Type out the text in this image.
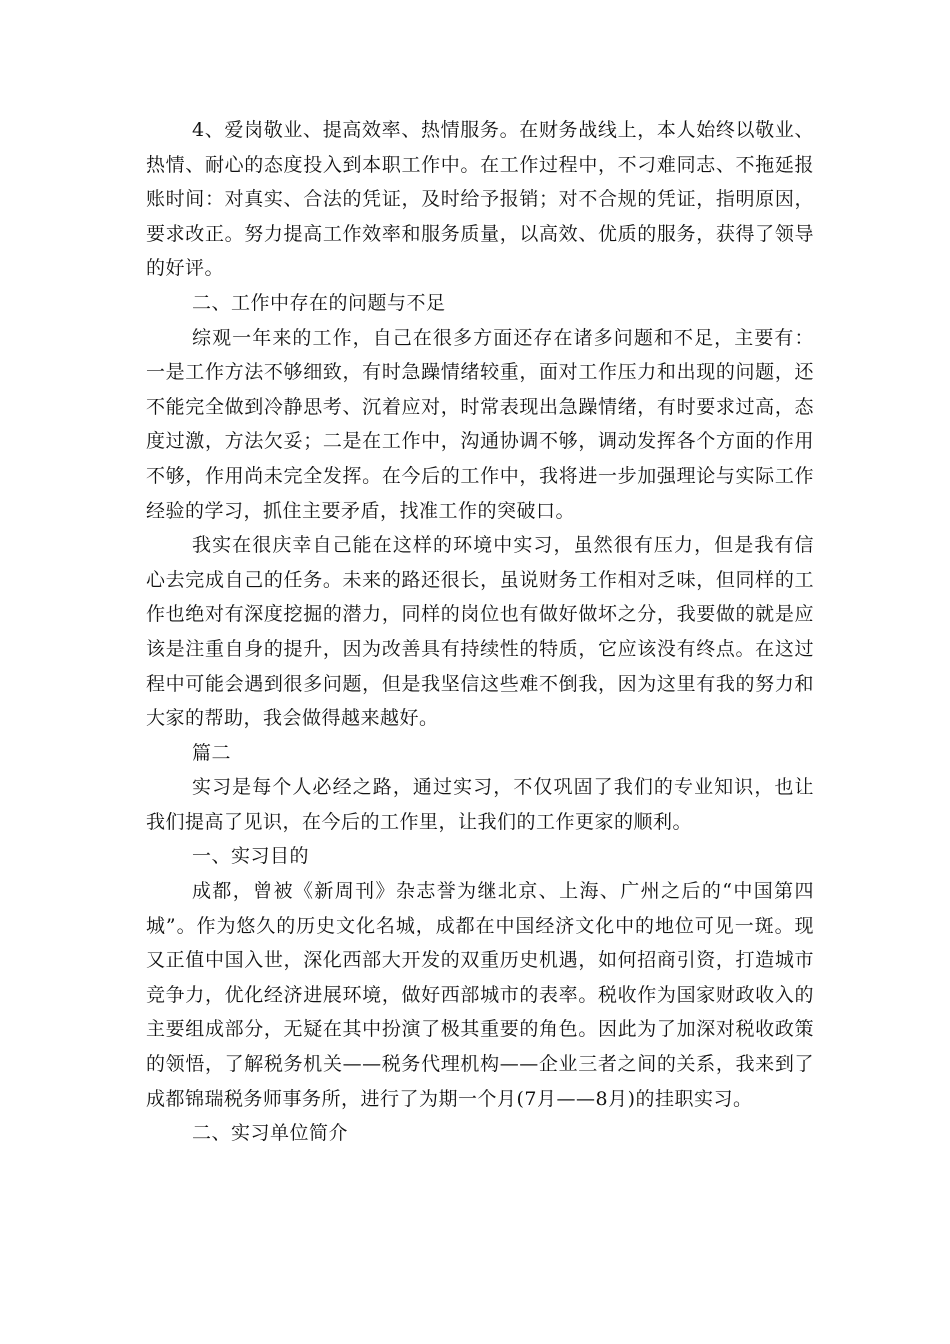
4、爱岗敬业、提高效率、热情服务。在财务战线上，本人始终以敬业、热情、耐心的态度投入到本职工作中。在工作过程中，不刁难同志、不拖延报账时间：对真实、合法的凭证，及时给予报销；对不合规的凭证，指明原因，要求改正。努力提高工作效率和服务质量，以高效、优质的服务，获得了领导的好评。

二、工作中存在的问题与不足

综观一年来的工作，自己在很多方面还存在诸多问题和不足，主要有：一是工作方法不够细致，有时急躁情绪较重，面对工作压力和出现的问题，还不能完全做到冷静思考、沉着应对，时常表现出急躁情绪，有时要求过高，态度过激，方法欠妥；二是在工作中，沟通协调不够，调动发挥各个方面的作用不够，作用尚未完全发挥。在今后的工作中，我将进一步加强理论与实际工作经验的学习，抓住主要矛盾，找准工作的突破口。

我实在很庆幸自己能在这样的环境中实习，虽然很有压力，但是我有信心去完成自己的任务。未来的路还很长，虽说财务工作相对乏味，但同样的工作也绝对有深度挖掘的潜力，同样的岗位也有做好做坏之分，我要做的就是应该是注重自身的提升，因为改善具有持续性的特质，它应该没有终点。在这过程中可能会遇到很多问题，但是我坚信这些难不倒我，因为这里有我的努力和大家的帮助，我会做得越来越好。

篇二

实习是每个人必经之路，通过实习，不仅巩固了我们的专业知识，也让我们提高了见识，在今后的工作里，让我们的工作更家的顺利。

一、实习目的

成都，曾被《新周刊》杂志誉为继北京、上海、广州之后的“中国第四城”。作为悠久的历史文化名城，成都在中国经济文化中的地位可见一斑。现又正值中国入世，深化西部大开发的双重历史机遇，如何招商引资，打造城市竞争力，优化经济进展环境，做好西部城市的表率。税收作为国家财政收入的主要组成部分，无疑在其中扮演了极其重要的角色。因此为了加深对税收政策的领悟，了解税务机关——税务代理机构——企业三者之间的关系，我来到了成都锦瑞税务师事务所，进行了为期一个月(7月——8月)的挂职实习。

二、实习单位简介
